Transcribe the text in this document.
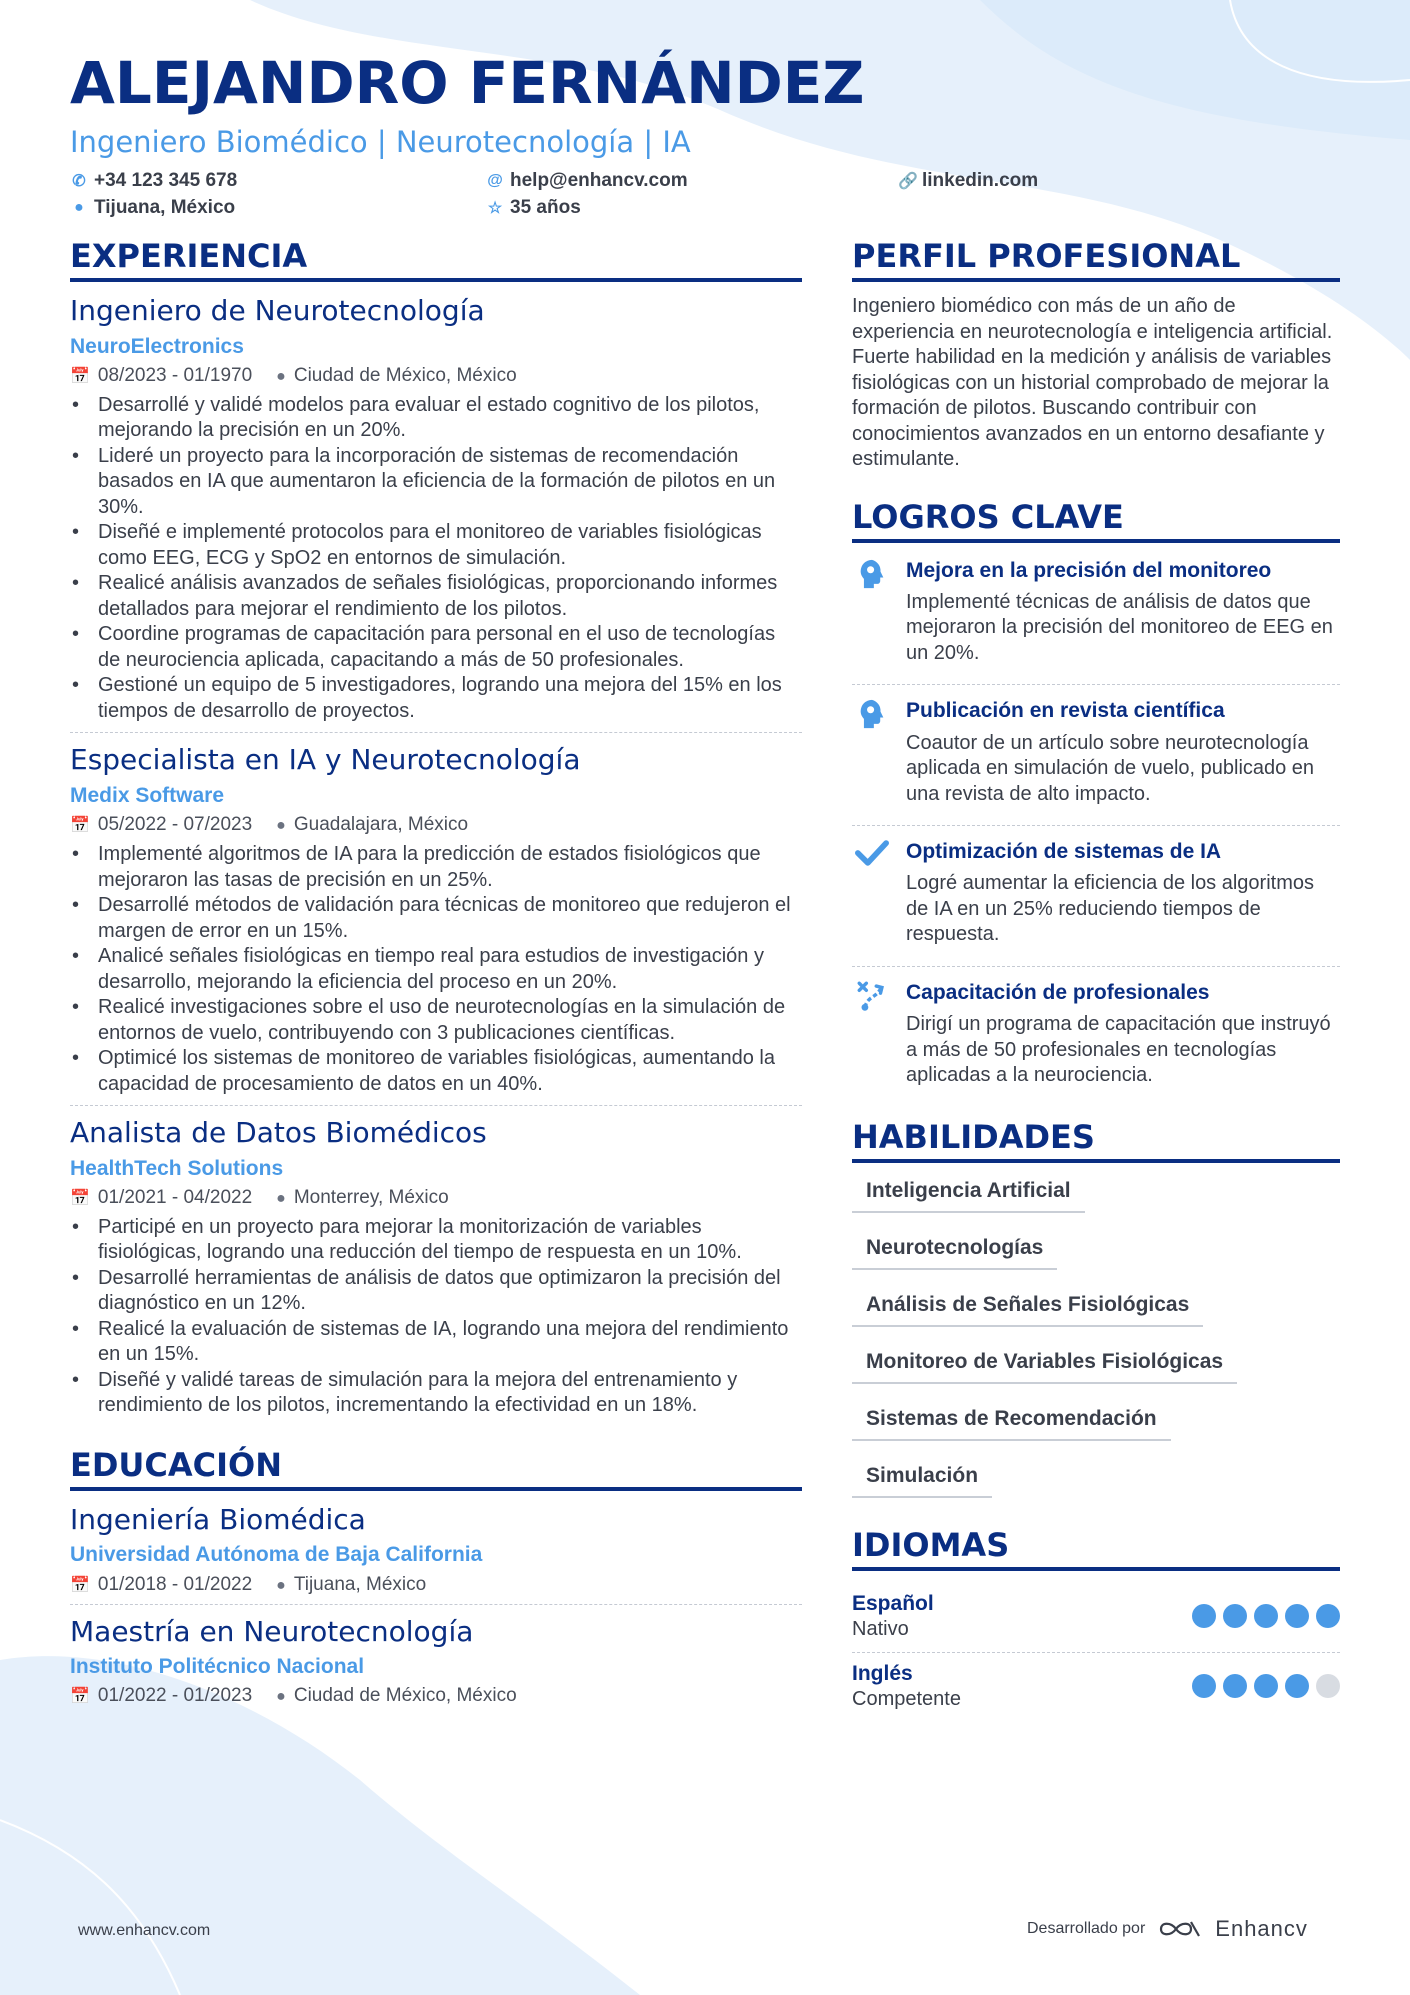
ALEJANDRO FERNÁNDEZ
Ingeniero Biomédico | Neurotecnología | IA
✆ +34 123 345 678	@ help@enhancv.com	🔗 linkedin.com
● Tijuana, México	☆ 35 años
EXPERIENCIA
Ingeniero de Neurotecnología
NeuroElectronics
📅 08/2023 - 01/1970 ● Ciudad de México, México
• Desarrollé y validé modelos para evaluar el estado cognitivo de los pilotos, mejorando la precisión en un 20%.
• Lideré un proyecto para la incorporación de sistemas de recomendación basados en IA que aumentaron la eficiencia de la formación de pilotos en un 30%.
• Diseñé e implementé protocolos para el monitoreo de variables fisiológicas como EEG, ECG y SpO2 en entornos de simulación.
• Realicé análisis avanzados de señales fisiológicas, proporcionando informes detallados para mejorar el rendimiento de los pilotos.
• Coordine programas de capacitación para personal en el uso de tecnologías de neurociencia aplicada, capacitando a más de 50 profesionales.
• Gestioné un equipo de 5 investigadores, logrando una mejora del 15% en los tiempos de desarrollo de proyectos.
Especialista en IA y Neurotecnología
Medix Software
📅 05/2022 - 07/2023 ● Guadalajara, México
• Implementé algoritmos de IA para la predicción de estados fisiológicos que mejoraron las tasas de precisión en un 25%.
• Desarrollé métodos de validación para técnicas de monitoreo que redujeron el margen de error en un 15%.
• Analicé señales fisiológicas en tiempo real para estudios de investigación y desarrollo, mejorando la eficiencia del proceso en un 20%.
• Realicé investigaciones sobre el uso de neurotecnologías en la simulación de entornos de vuelo, contribuyendo con 3 publicaciones científicas.
• Optimicé los sistemas de monitoreo de variables fisiológicas, aumentando la capacidad de procesamiento de datos en un 40%.
Analista de Datos Biomédicos
HealthTech Solutions
📅 01/2021 - 04/2022 ● Monterrey, México
• Participé en un proyecto para mejorar la monitorización de variables fisiológicas, logrando una reducción del tiempo de respuesta en un 10%.
• Desarrollé herramientas de análisis de datos que optimizaron la precisión del diagnóstico en un 12%.
• Realicé la evaluación de sistemas de IA, logrando una mejora del rendimiento en un 15%.
• Diseñé y validé tareas de simulación para la mejora del entrenamiento y rendimiento de los pilotos, incrementando la efectividad en un 18%.
EDUCACIÓN
Ingeniería Biomédica
Universidad Autónoma de Baja California
📅 01/2018 - 01/2022 ● Tijuana, México
Maestría en Neurotecnología
Instituto Politécnico Nacional
📅 01/2022 - 01/2023 ● Ciudad de México, México
PERFIL PROFESIONAL

Ingeniero biomédico con más de un año de experiencia en neurotecnología e inteligencia artificial. Fuerte habilidad en la medición y análisis de variables fisiológicas con un historial comprobado de mejorar la formación de pilotos. Buscando contribuir con conocimientos avanzados en un entorno desafiante y estimulante.

LOGROS CLAVE
Mejora en la precisión del monitoreo
Implementé técnicas de análisis de datos que mejoraron la precisión del monitoreo de EEG en un 20%.
Publicación en revista científica
Coautor de un artículo sobre neurotecnología aplicada en simulación de vuelo, publicado en una revista de alto impacto.
Optimización de sistemas de IA
Logré aumentar la eficiencia de los algoritmos de IA en un 25% reduciendo tiempos de respuesta.
Capacitación de profesionales
Dirigí un programa de capacitación que instruyó a más de 50 profesionales en tecnologías aplicadas a la neurociencia.
HABILIDADES
Inteligencia Artificial
Neurotecnologías
Análisis de Señales Fisiológicas
Monitoreo de Variables Fisiológicas
Sistemas de Recomendación
Simulación
IDIOMAS
Español
Nativo
Inglés
Competente
www.enhancv.com	Desarrollado por	Enhancv
